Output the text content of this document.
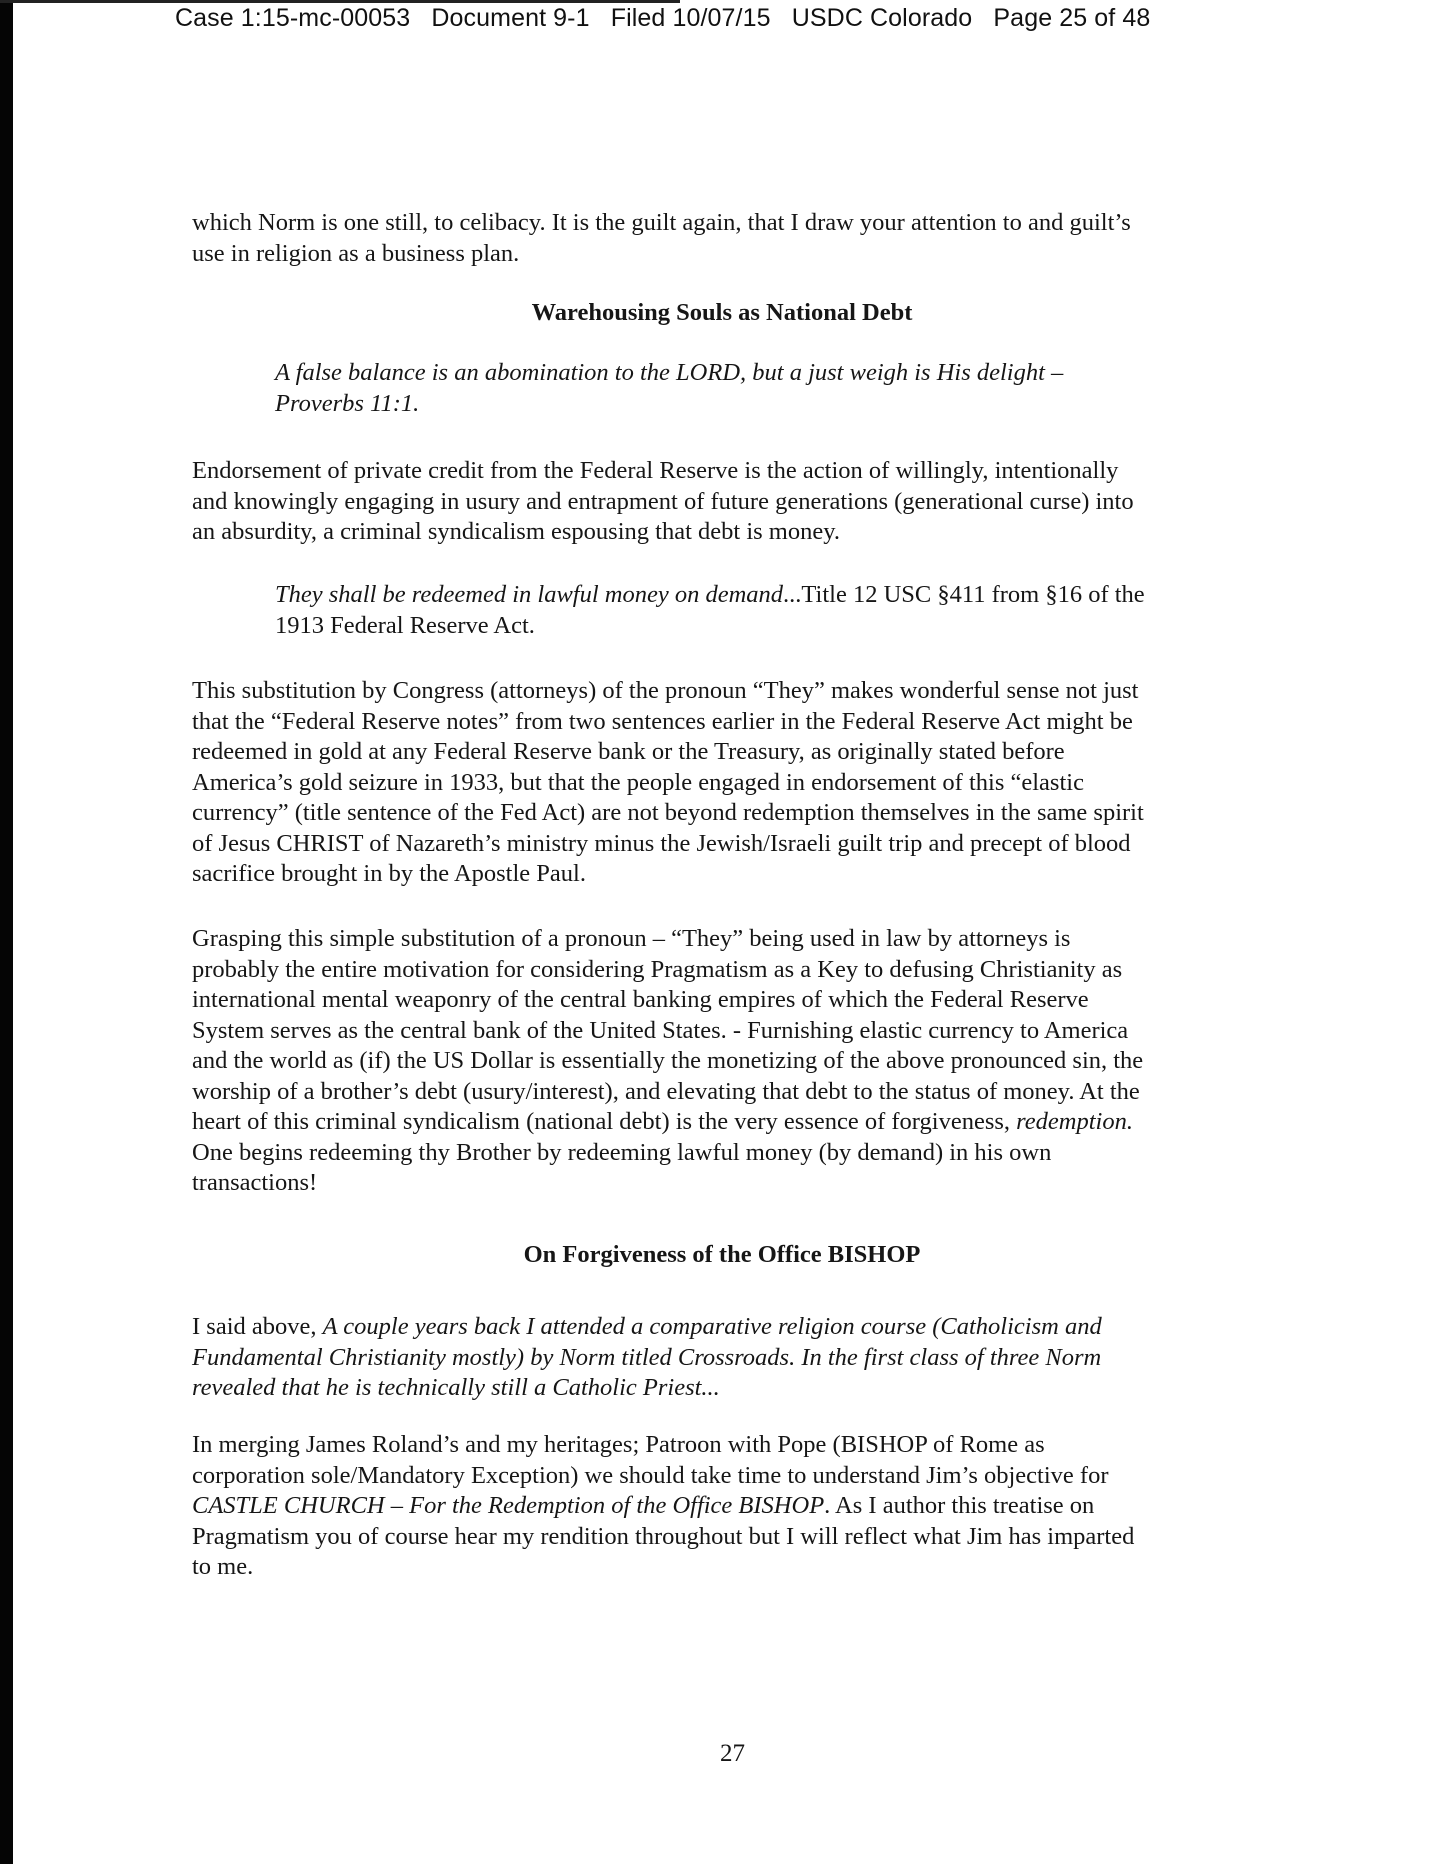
Case 1:15-mc-00053   Document 9-1   Filed 10/07/15   USDC Colorado   Page 25 of 48

which Norm is one still, to celibacy. It is the guilt again, that I draw your attention to and guilt’s
use in religion as a business plan.

Warehousing Souls as National Debt

A false balance is an abomination to the LORD, but a just weigh is His delight –
Proverbs 11:1.

Endorsement of private credit from the Federal Reserve is the action of willingly, intentionally
and knowingly engaging in usury and entrapment of future generations (generational curse) into
an absurdity, a criminal syndicalism espousing that debt is money.

They shall be redeemed in lawful money on demand...Title 12 USC §411 from §16 of the
1913 Federal Reserve Act.

This substitution by Congress (attorneys) of the pronoun “They” makes wonderful sense not just
that the “Federal Reserve notes” from two sentences earlier in the Federal Reserve Act might be
redeemed in gold at any Federal Reserve bank or the Treasury, as originally stated before
America’s gold seizure in 1933, but that the people engaged in endorsement of this “elastic
currency” (title sentence of the Fed Act) are not beyond redemption themselves in the same spirit
of Jesus CHRIST of Nazareth’s ministry minus the Jewish/Israeli guilt trip and precept of blood
sacrifice brought in by the Apostle Paul.

Grasping this simple substitution of a pronoun – “They” being used in law by attorneys is
probably the entire motivation for considering Pragmatism as a Key to defusing Christianity as
international mental weaponry of the central banking empires of which the Federal Reserve
System serves as the central bank of the United States. - Furnishing elastic currency to America
and the world as (if) the US Dollar is essentially the monetizing of the above pronounced sin, the
worship of a brother’s debt (usury/interest), and elevating that debt to the status of money. At the
heart of this criminal syndicalism (national debt) is the very essence of forgiveness, redemption.
One begins redeeming thy Brother by redeeming lawful money (by demand) in his own
transactions!

On Forgiveness of the Office BISHOP

I said above, A couple years back I attended a comparative religion course (Catholicism and
Fundamental Christianity mostly) by Norm titled Crossroads. In the first class of three Norm
revealed that he is technically still a Catholic Priest...

In merging James Roland’s and my heritages; Patroon with Pope (BISHOP of Rome as
corporation sole/Mandatory Exception) we should take time to understand Jim’s objective for
CASTLE CHURCH – For the Redemption of the Office BISHOP. As I author this treatise on
Pragmatism you of course hear my rendition throughout but I will reflect what Jim has imparted
to me.

27
